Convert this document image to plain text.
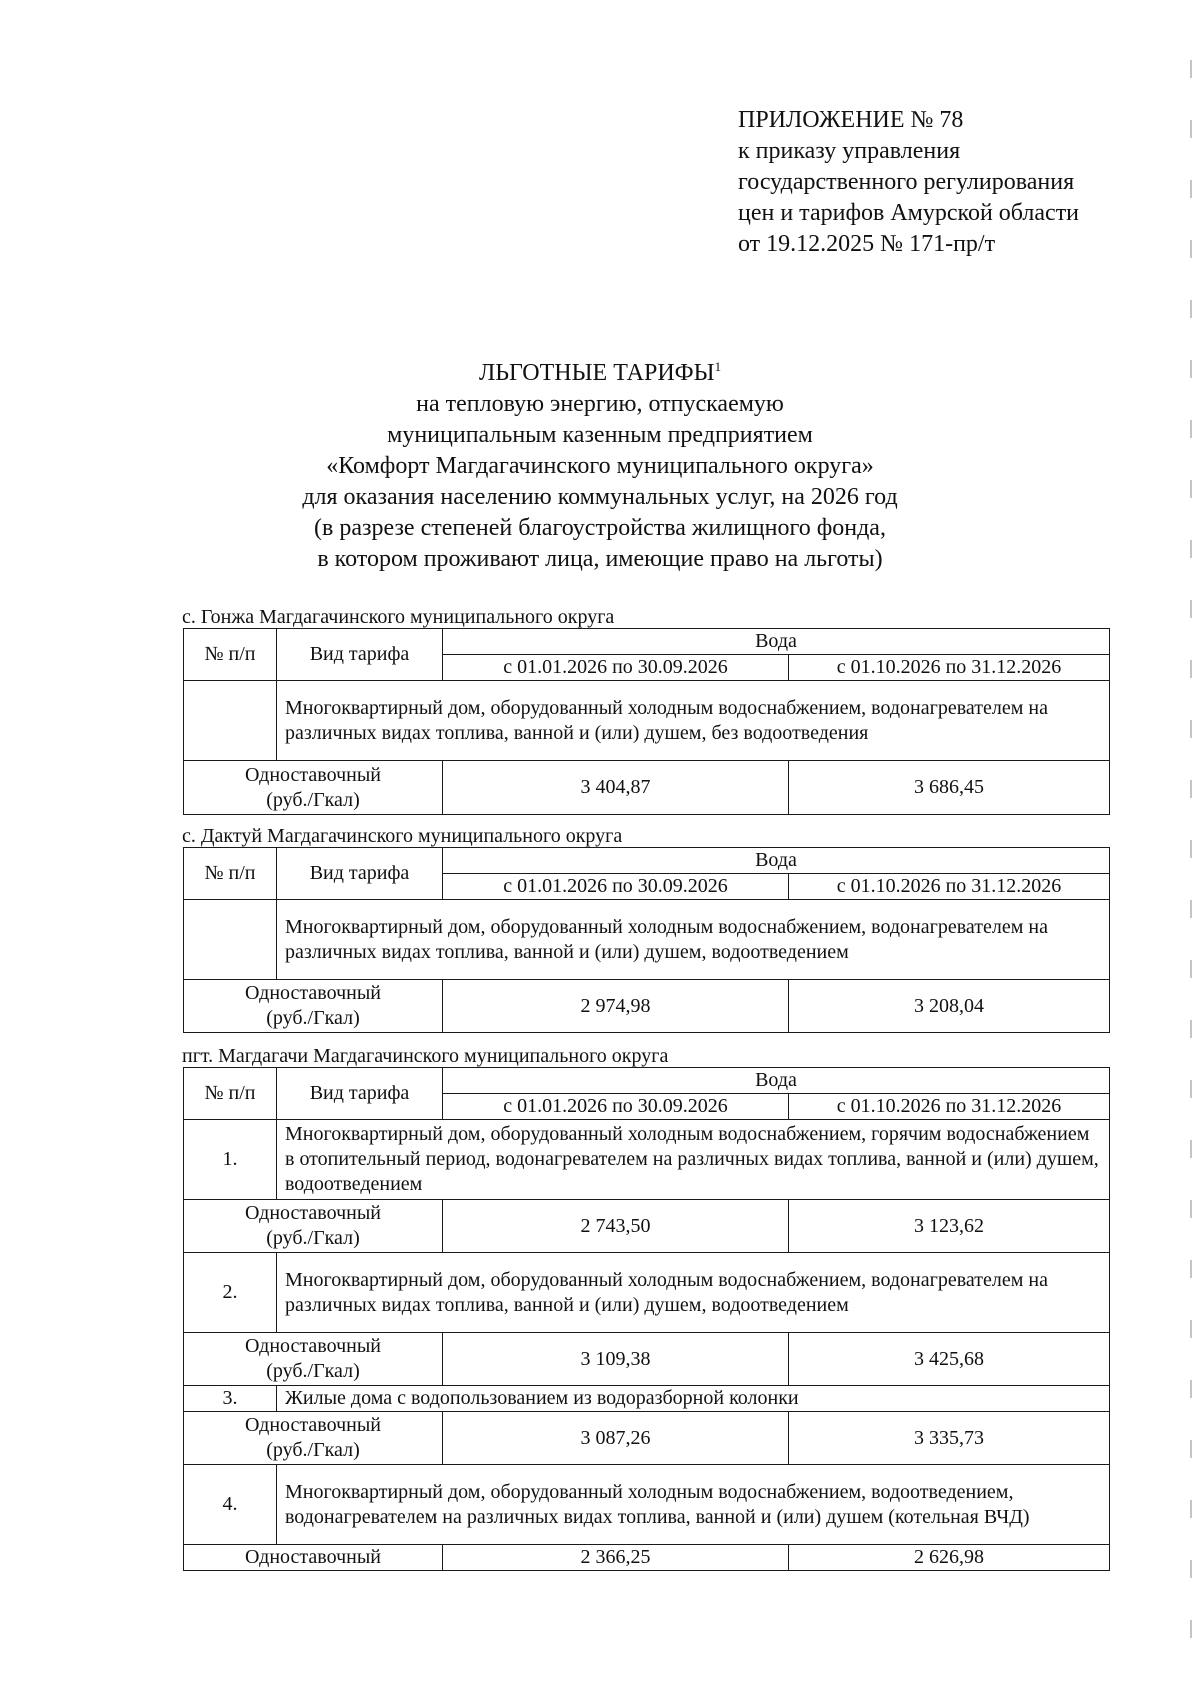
ПРИЛОЖЕНИЕ № 78
к приказу управления
государственного регулирования
цен и тарифов Амурской области
от 19.12.2025 № 171-пр/т
ЛЬГОТНЫЕ ТАРИФЫ$^1$
на тепловую энергию, отпускаемую
муниципальным казенным предприятием
«Комфорт Магдагачинского муниципального округа»
для оказания населению коммунальных услуг, на 2026 год
(в разрезе степеней благоустройства жилищного фонда,
в котором проживают лица, имеющие право на льготы)
с. Гонжа Магдагачинского муниципального округа
№ п/п	Вид тарифа	Вода	
		с 01.01.2026 по 30.09.2026	с 01.10.2026 по 31.12.2026
	Многоквартирный дом, оборудованный холодным водоснабжением, водонагревателем на различных видах топлива, ванной и (или) душем, без водоотведения		

Одноставочный
(руб./Гкал)		3 404,87	3 686,45
с. Дактуй Магдагачинского муниципального округа
№ п/п	Вид тарифа	Вода	
		с 01.01.2026 по 30.09.2026	с 01.10.2026 по 31.12.2026
	Многоквартирный дом, оборудованный холодным водоснабжением, водонагревателем на различных видах топлива, ванной и (или) душем, водоотведением		

Одноставочный
(руб./Гкал)		2 974,98	3 208,04
пгт. Магдагачи Магдагачинского муниципального округа
№ п/п	Вид тарифа	Вода	
		с 01.01.2026 по 30.09.2026	с 01.10.2026 по 31.12.2026
1.	Многоквартирный дом, оборудованный холодным водоснабжением, горячим водоснабжением в отопительный период, водонагревателем на различных видах топлива, ванной и (или) душем, водоотведением		

Одноставочный
(руб./Гкал)		2 743,50	3 123,62
2.	Многоквартирный дом, оборудованный холодным водоснабжением, водонагревателем на различных видах топлива, ванной и (или) душем, водоотведением		

Одноставочный
(руб./Гкал)		3 109,38	3 425,68
3.	Жилые дома с водопользованием из водоразборной колонки		

Одноставочный
(руб./Гкал)		3 087,26	3 335,73
4.	Многоквартирный дом, оборудованный холодным водоснабжением, водоотведением, водонагревателем на различных видах топлива, ванной и (или) душем (котельная ВЧД)		

Одноставочный		2 366,25	2 626,98
